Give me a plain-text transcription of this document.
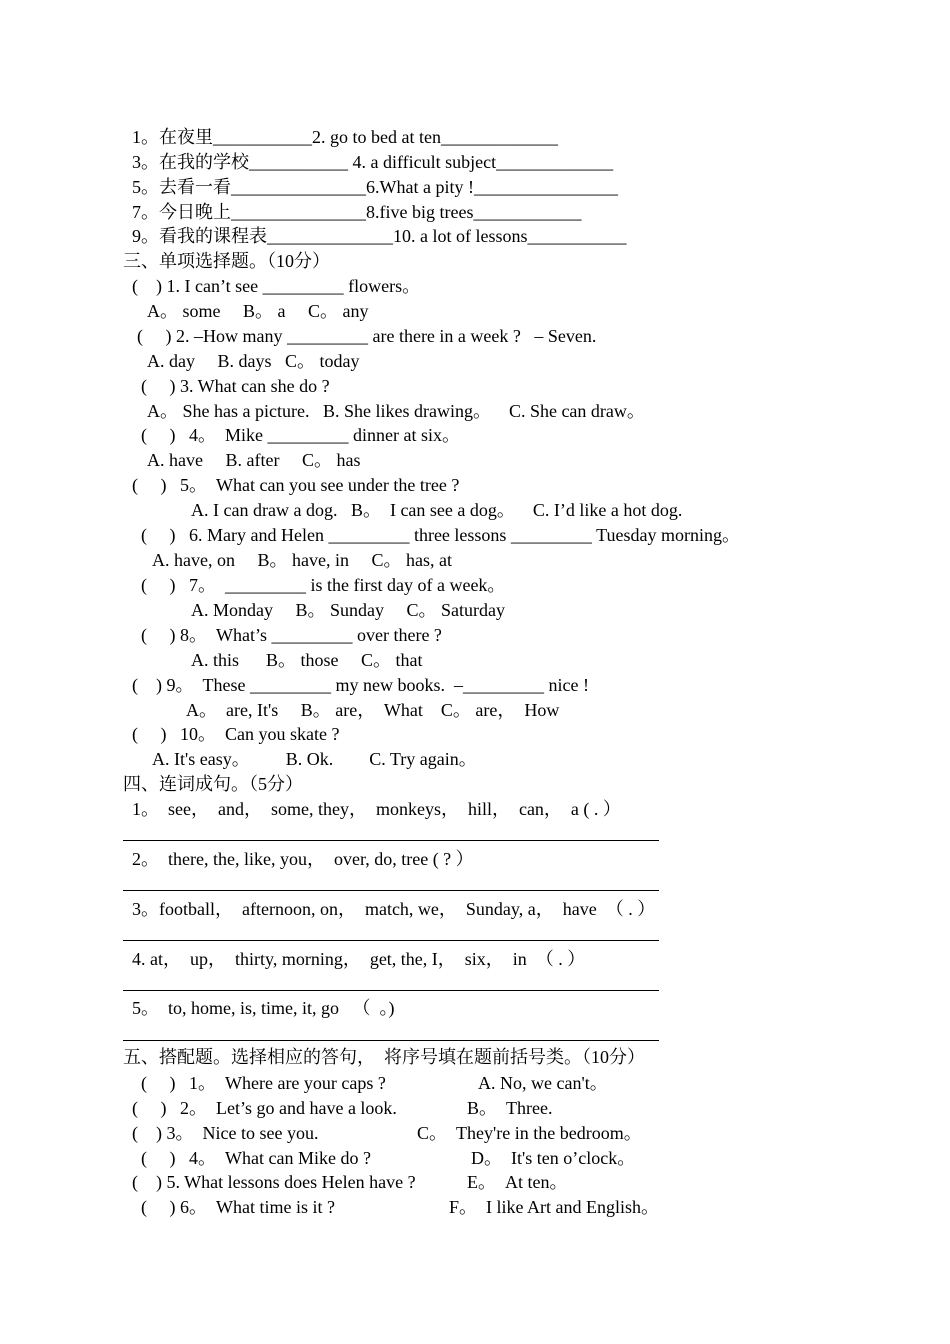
1。在夜里___________2. go to bed at ten_____________
3。在我的学校___________ 4. a difficult subject_____________
5。去看一看_______________6.What a pity !________________
7。今日晚上_______________8.five big trees____________
9。看我的课程表______________10. a lot of lessons___________
三、单项选择题。（10分）
(    ) 1. I can’t see _________ flowers。
A。 some     B。 a     C。 any
(     ) 2. –How many _________ are there in a week ?   – Seven.
A. day     B. days   C。 today
(     ) 3. What can she do ?
A。 She has a picture.   B. She likes drawing。    C. She can draw。
(     )   4。  Mike _________ dinner at six。
A. have     B. after     C。 has
(     )   5。  What can you see under the tree ?
A. I can draw a dog.   B。  I can see a dog。    C. I’d like a hot dog.
(     )   6. Mary and Helen _________ three lessons _________ Tuesday morning。
A. have, on     B。 have, in     C。 has, at
(     )   7。  _________ is the first day of a week。
A. Monday     B。 Sunday     C。 Saturday
(     ) 8。  What’s _________ over there ?
A. this      B。 those     C。 that
(    ) 9。  These _________ my new books.  –_________ nice !
A。  are, It's     B。 are，  What    C。 are，  How
(     )   10。  Can you skate ?
A. It's easy。        B. Ok.        C. Try again。
四、连词成句。（5分）
1。  see，  and，  some, they，  monkeys，  hill，  can，  a ( . ）
2。  there, the, like, you，  over, do, tree ( ? ）
3。football，  afternoon, on，  match, we，  Sunday, a，  have  （ . ）
4. at，  up，  thirty, morning，  get, the, I，  six，  in  （ . ）
5。  to, home, is, time, it, go   （  。)
五、搭配题。选择相应的答句，  将序号填在题前括号类。（10分）
(     )   1。  Where are your caps ?	A. No, we can't。
(     )   2。  Let’s go and have a look.	B。  Three.
(    ) 3。  Nice to see you.	C。  They're in the bedroom。
(     )   4。  What can Mike do ?	D。  It's ten o’clock。
(    ) 5. What lessons does Helen have ?	E。  At ten。
(     ) 6。  What time is it ?	F。  I like Art and English。
